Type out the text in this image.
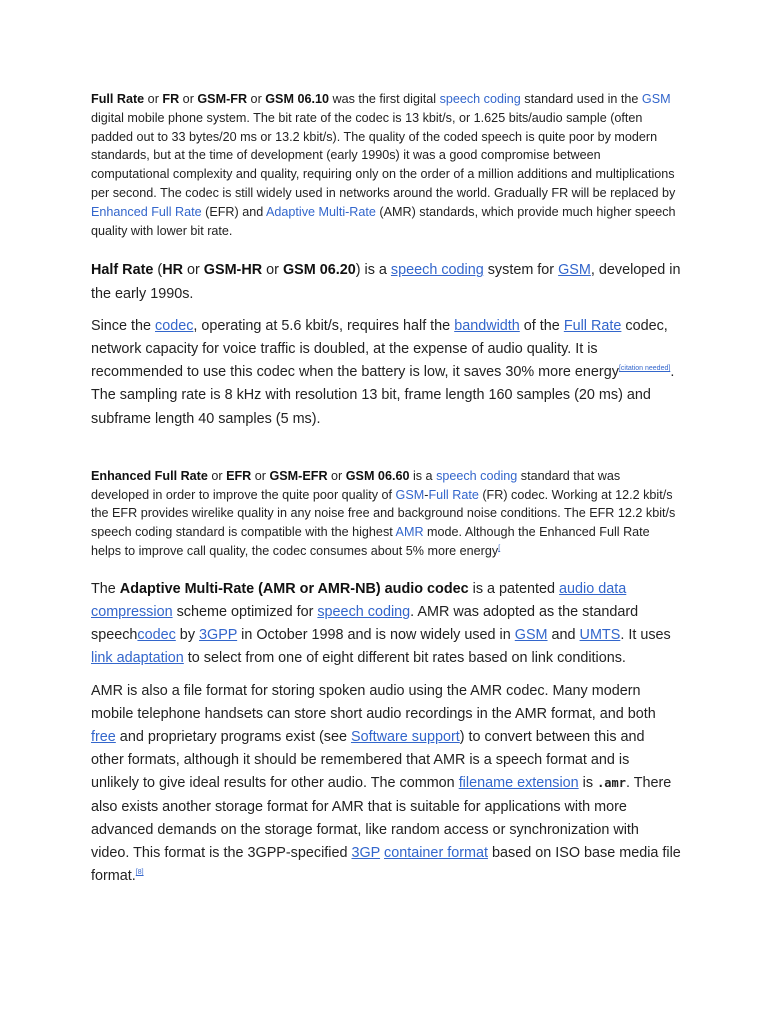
Full Rate or FR or GSM-FR or GSM 06.10 was the first digital speech coding standard used in the GSM digital mobile phone system. The bit rate of the codec is 13 kbit/s, or 1.625 bits/audio sample (often padded out to 33 bytes/20 ms or 13.2 kbit/s). The quality of the coded speech is quite poor by modern standards, but at the time of development (early 1990s) it was a good compromise between computational complexity and quality, requiring only on the order of a million additions and multiplications per second. The codec is still widely used in networks around the world. Gradually FR will be replaced by Enhanced Full Rate (EFR) and Adaptive Multi-Rate (AMR) standards, which provide much higher speech quality with lower bit rate.

Half Rate (HR or GSM-HR or GSM 06.20) is a speech coding system for GSM, developed in the early 1990s.

Since the codec, operating at 5.6 kbit/s, requires half the bandwidth of the Full Rate codec, network capacity for voice traffic is doubled, at the expense of audio quality. It is recommended to use this codec when the battery is low, it saves 30% more energy[citation needed]. The sampling rate is 8 kHz with resolution 13 bit, frame length 160 samples (20 ms) and subframe length 40 samples (5 ms).

Enhanced Full Rate or EFR or GSM-EFR or GSM 06.60 is a speech coding standard that was developed in order to improve the quite poor quality of GSM-Full Rate (FR) codec. Working at 12.2 kbit/s the EFR provides wirelike quality in any noise free and background noise conditions. The EFR 12.2 kbit/s speech coding standard is compatible with the highest AMR mode. Although the Enhanced Full Rate helps to improve call quality, the codec consumes about 5% more energy[

The Adaptive Multi-Rate (AMR or AMR-NB) audio codec is a patented audio data compression scheme optimized for speech coding. AMR was adopted as the standard speechcodec by 3GPP in October 1998 and is now widely used in GSM and UMTS. It uses link adaptation to select from one of eight different bit rates based on link conditions.

AMR is also a file format for storing spoken audio using the AMR codec. Many modern mobile telephone handsets can store short audio recordings in the AMR format, and both free and proprietary programs exist (see Software support) to convert between this and other formats, although it should be remembered that AMR is a speech format and is unlikely to give ideal results for other audio. The common filename extension is .amr. There also exists another storage format for AMR that is suitable for applications with more advanced demands on the storage format, like random access or synchronization with video. This format is the 3GPP-specified 3GP container format based on ISO base media file format.[8]
